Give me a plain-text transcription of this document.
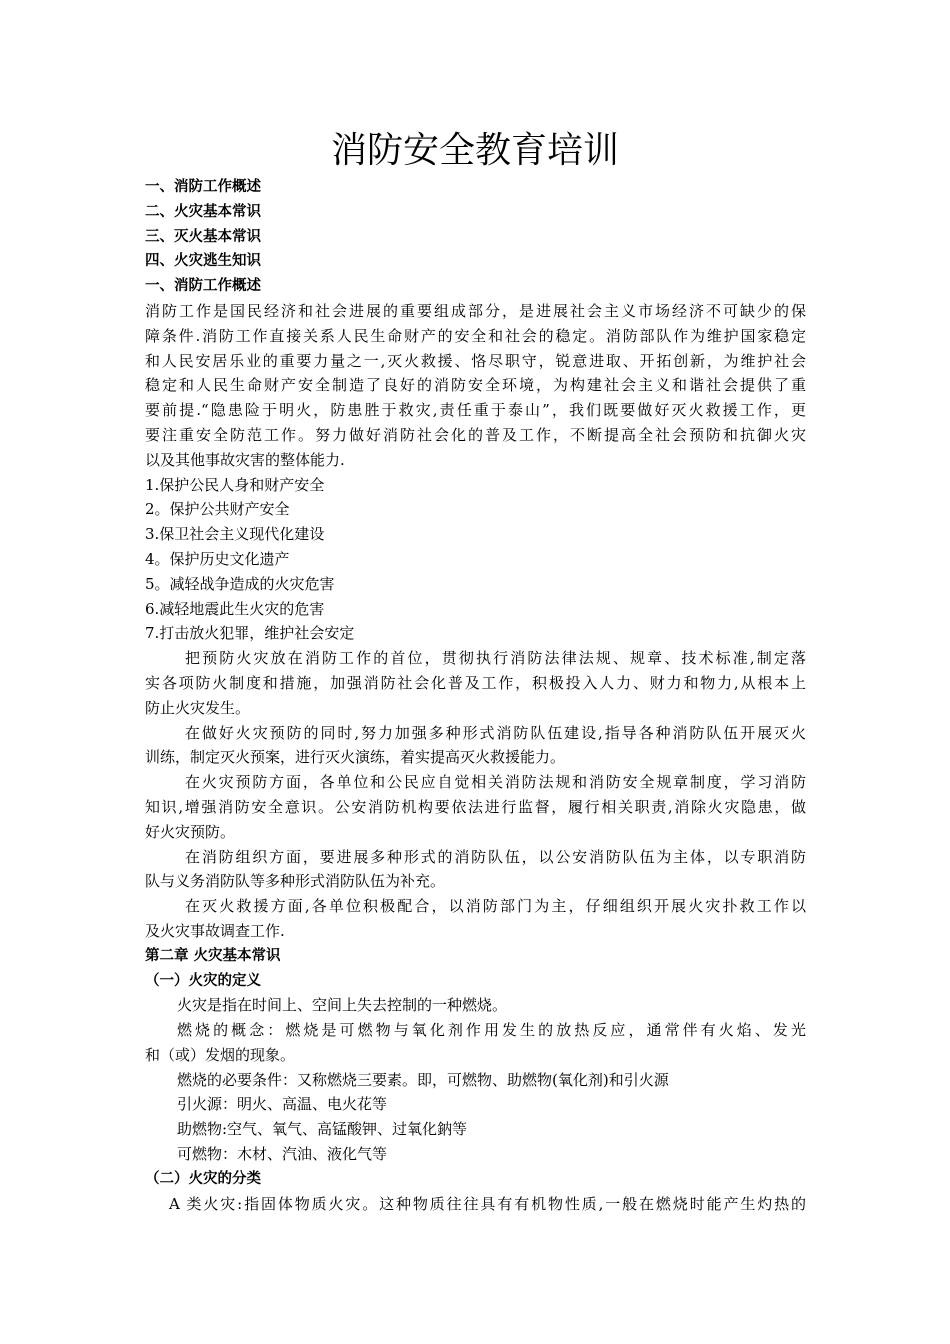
消防安全教育培训
一、消防工作概述
二、火灾基本常识
三、灭火基本常识
四、火灾逃生知识
一、消防工作概述
消防工作是国民经济和社会进展的重要组成部分，是进展社会主义市场经济不可缺少的保
障条件.消防工作直接关系人民生命财产的安全和社会的稳定。消防部队作为维护国家稳定
和人民安居乐业的重要力量之一,灭火救援、恪尽职守，锐意进取、开拓创新，为维护社会
稳定和人民生命财产安全制造了良好的消防安全环境，为构建社会主义和谐社会提供了重
要前提.“隐患险于明火，防患胜于救灾,责任重于泰山”，我们既要做好灭火救援工作，更
要注重安全防范工作。努力做好消防社会化的普及工作，不断提高全社会预防和抗御火灾
以及其他事故灾害的整体能力.
1.保护公民人身和财产安全
2。保护公共财产安全
3.保卫社会主义现代化建设
4。保护历史文化遗产
5。减轻战争造成的火灾危害
6.减轻地震此生火灾的危害
7.打击放火犯罪，维护社会安定
把预防火灾放在消防工作的首位，贯彻执行消防法律法规、规章、技术标准,制定落
实各项防火制度和措施，加强消防社会化普及工作，积极投入人力、财力和物力,从根本上
防止火灾发生。
在做好火灾预防的同时,努力加强多种形式消防队伍建设,指导各种消防队伍开展灭火
训练，制定灭火预案，进行灭火演练，着实提高灭火救援能力。
在火灾预防方面，各单位和公民应自觉相关消防法规和消防安全规章制度，学习消防
知识,增强消防安全意识。公安消防机构要依法进行监督，履行相关职责,消除火灾隐患，做
好火灾预防。
在消防组织方面，要进展多种形式的消防队伍，以公安消防队伍为主体，以专职消防
队与义务消防队等多种形式消防队伍为补充。
在灭火救援方面,各单位积极配合，以消防部门为主，仔细组织开展火灾扑救工作以
及火灾事故调查工作.
第二章 火灾基本常识
（一）火灾的定义
火灾是指在时间上、空间上失去控制的一种燃烧。
燃烧的概念：燃烧是可燃物与氧化剂作用发生的放热反应，通常伴有火焰、发光
和（或）发烟的现象。
燃烧的必要条件：又称燃烧三要素。即，可燃物、助燃物(氧化剂)和引火源
引火源：明火、高温、电火花等
助燃物:空气、氧气、高锰酸钾、过氧化鈉等
可燃物：木材、汽油、液化气等
（二）火灾的分类
A 类火灾:指固体物质火灾。这种物质往往具有有机物性质,一般在燃烧时能产生灼热的
